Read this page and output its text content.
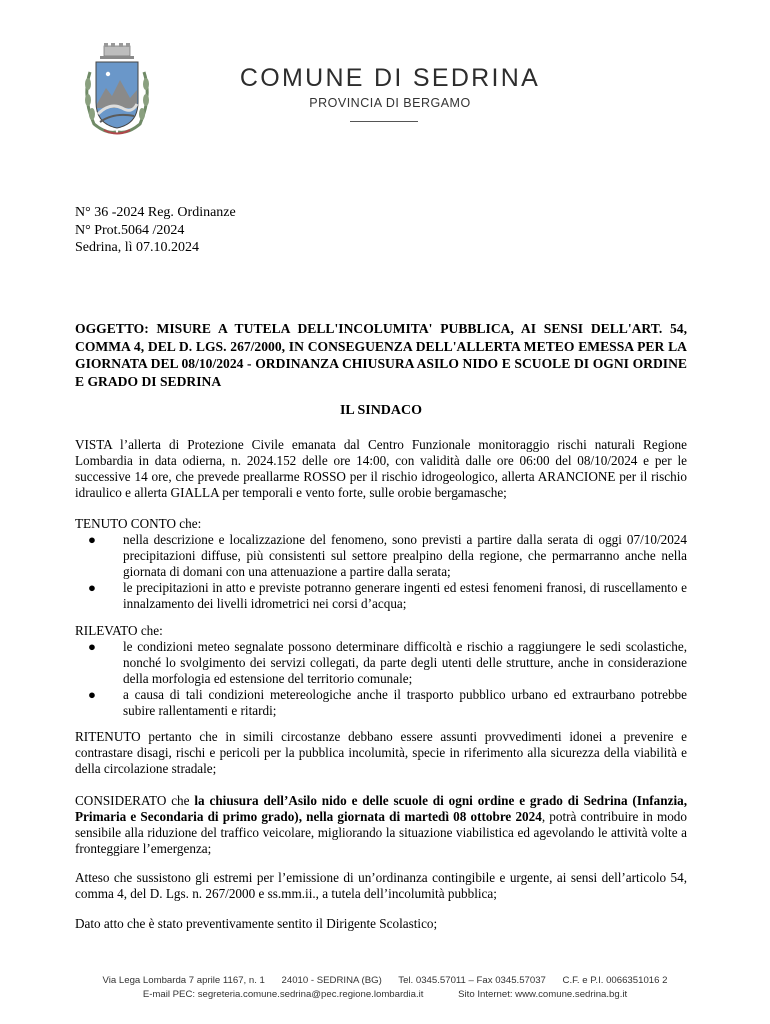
COMUNE DI SEDRINA
PROVINCIA DI BERGAMO
N° 36 -2024 Reg. Ordinanze
N° Prot.5064 /2024
Sedrina, lì 07.10.2024
OGGETTO: MISURE A TUTELA DELL'INCOLUMITA' PUBBLICA, AI SENSI DELL'ART. 54, COMMA 4, DEL D. LGS. 267/2000, IN CONSEGUENZA DELL'ALLERTA METEO EMESSA PER LA GIORNATA DEL 08/10/2024 - ORDINANZA CHIUSURA ASILO NIDO E SCUOLE DI OGNI ORDINE E GRADO DI SEDRINA
IL SINDACO
VISTA l’allerta di Protezione Civile emanata dal Centro Funzionale monitoraggio rischi naturali Regione Lombardia in data odierna, n. 2024.152 delle ore 14:00, con validità dalle ore 06:00 del 08/10/2024 e per le successive 14 ore, che prevede preallarme ROSSO per il rischio idrogeologico, allerta ARANCIONE per il rischio idraulico e allerta GIALLA per temporali e vento forte, sulle orobie bergamasche;

TENUTO CONTO che:

● nella descrizione e localizzazione del fenomeno, sono previsti a partire dalla serata di oggi 07/10/2024 precipitazioni diffuse, più consistenti sul settore prealpino della regione, che permarranno anche nella giornata di domani con una attenuazione a partire dalla serata;
● le precipitazioni in atto e previste potranno generare ingenti ed estesi fenomeni franosi, di ruscellamento e innalzamento dei livelli idrometrici nei corsi d’acqua;

RILEVATO che:

● le condizioni meteo segnalate possono determinare difficoltà e rischio a raggiungere le sedi scolastiche, nonché lo svolgimento dei servizi collegati, da parte degli utenti delle strutture, anche in considerazione della morfologia ed estensione del territorio comunale;
● a causa di tali condizioni metereologiche anche il trasporto pubblico urbano ed extraurbano potrebbe subire rallentamenti e ritardi;
RITENUTO pertanto che in simili circostanze debbano essere assunti provvedimenti idonei a prevenire e contrastare disagi, rischi e pericoli per la pubblica incolumità, specie in riferimento alla sicurezza della viabilità e della circolazione stradale;
CONSIDERATO che la chiusura dell’Asilo nido e delle scuole di ogni ordine e grado di Sedrina (Infanzia, Primaria e Secondaria di primo grado), nella giornata di martedì 08 ottobre 2024, potrà contribuire in modo sensibile alla riduzione del traffico veicolare, migliorando la situazione viabilistica ed agevolando le attività volte a fronteggiare l’emergenza;
Atteso che sussistono gli estremi per l’emissione di un’ordinanza contingibile e urgente, ai sensi dell’articolo 54, comma 4, del D. Lgs. n. 267/2000 e ss.mm.ii., a tutela dell’incolumità pubblica;
Dato atto che è stato preventivamente sentito il Dirigente Scolastico;
Via Lega Lombarda 7 aprile 1167, n. 1 24010 - SEDRINA (BG) Tel. 0345.57011 – Fax 0345.57037 C.F. e P.I. 0066351016 2
E-mail PEC: segreteria.comune.sedrina@pec.regione.lombardia.it	Sito Internet: www.comune.sedrina.bg.it
